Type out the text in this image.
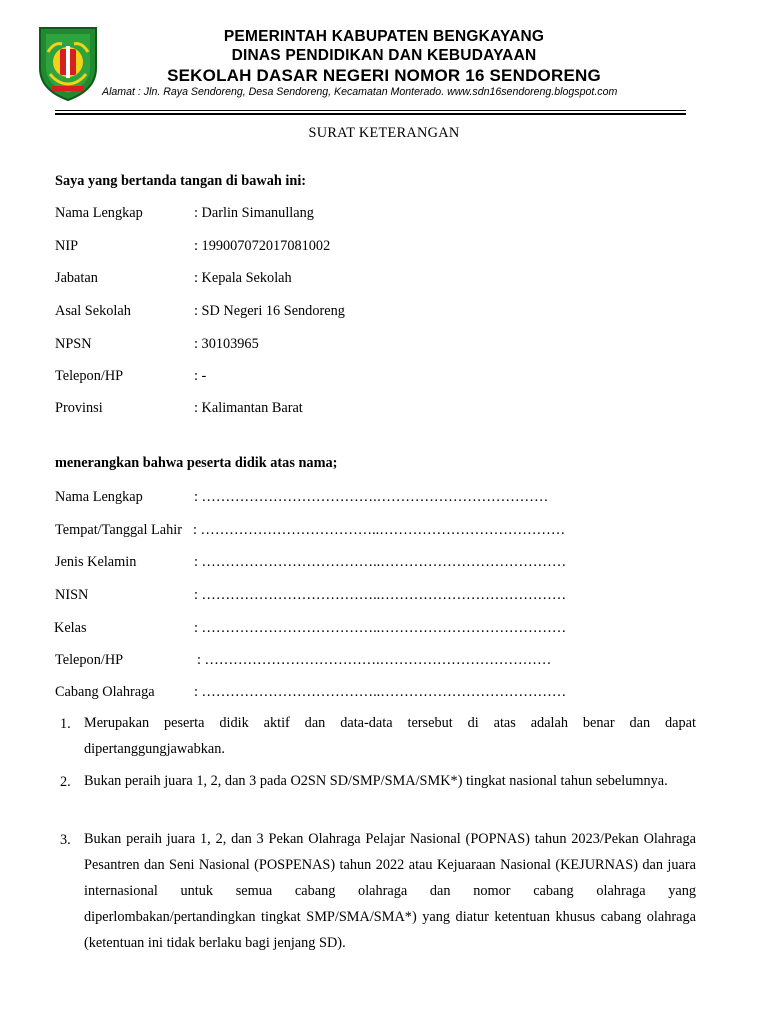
PEMERINTAH KABUPATEN BENGKAYANG
DINAS PENDIDIKAN DAN KEBUDAYAAN
SEKOLAH DASAR NEGERI NOMOR 16 SENDORENG
Alamat : Jln. Raya Sendoreng, Desa Sendoreng, Kecamatan Monterado. www.sdn16sendoreng.blogspot.com
SURAT KETERANGAN
Saya yang bertanda tangan di bawah ini:
Nama Lengkap	: Darlin Simanullang
NIP	: 199007072017081002
Jabatan	: Kepala Sekolah
Asal Sekolah	: SD Negeri 16 Sendoreng
NPSN	: 30103965
Telepon/HP	: -
Provinsi	: Kalimantan Barat
menerangkan bahwa peserta didik atas nama;
Nama Lengkap	: ……………………………….………………………………
Tempat/Tanggal Lahir : ………………………………..…………………………………
Jenis Kelamin	: ………………………………..…………………………………
NISN	: ………………………………..…………………………………
Kelas	: ………………………………..…………………………………
Telepon/HP	: ……………………………….………………………………
Cabang Olahraga	: ………………………………..…………………………………
1. Merupakan peserta didik aktif dan data-data tersebut di atas adalah benar dan dapat dipertanggungjawabkan.
2. Bukan peraih juara 1, 2, dan 3 pada O2SN SD/SMP/SMA/SMK*) tingkat nasional tahun sebelumnya.
3. Bukan peraih juara 1, 2, dan 3 Pekan Olahraga Pelajar Nasional (POPNAS) tahun 2023/Pekan Olahraga Pesantren dan Seni Nasional (POSPENAS) tahun 2022 atau Kejuaraan Nasional (KEJURNAS) dan juara internasional untuk semua cabang olahraga dan nomor cabang olahraga yang diperlombakan/pertandingkan tingkat SMP/SMA/SMA*) yang diatur ketentuan khusus cabang olahraga (ketentuan ini tidak berlaku bagi jenjang SD).
